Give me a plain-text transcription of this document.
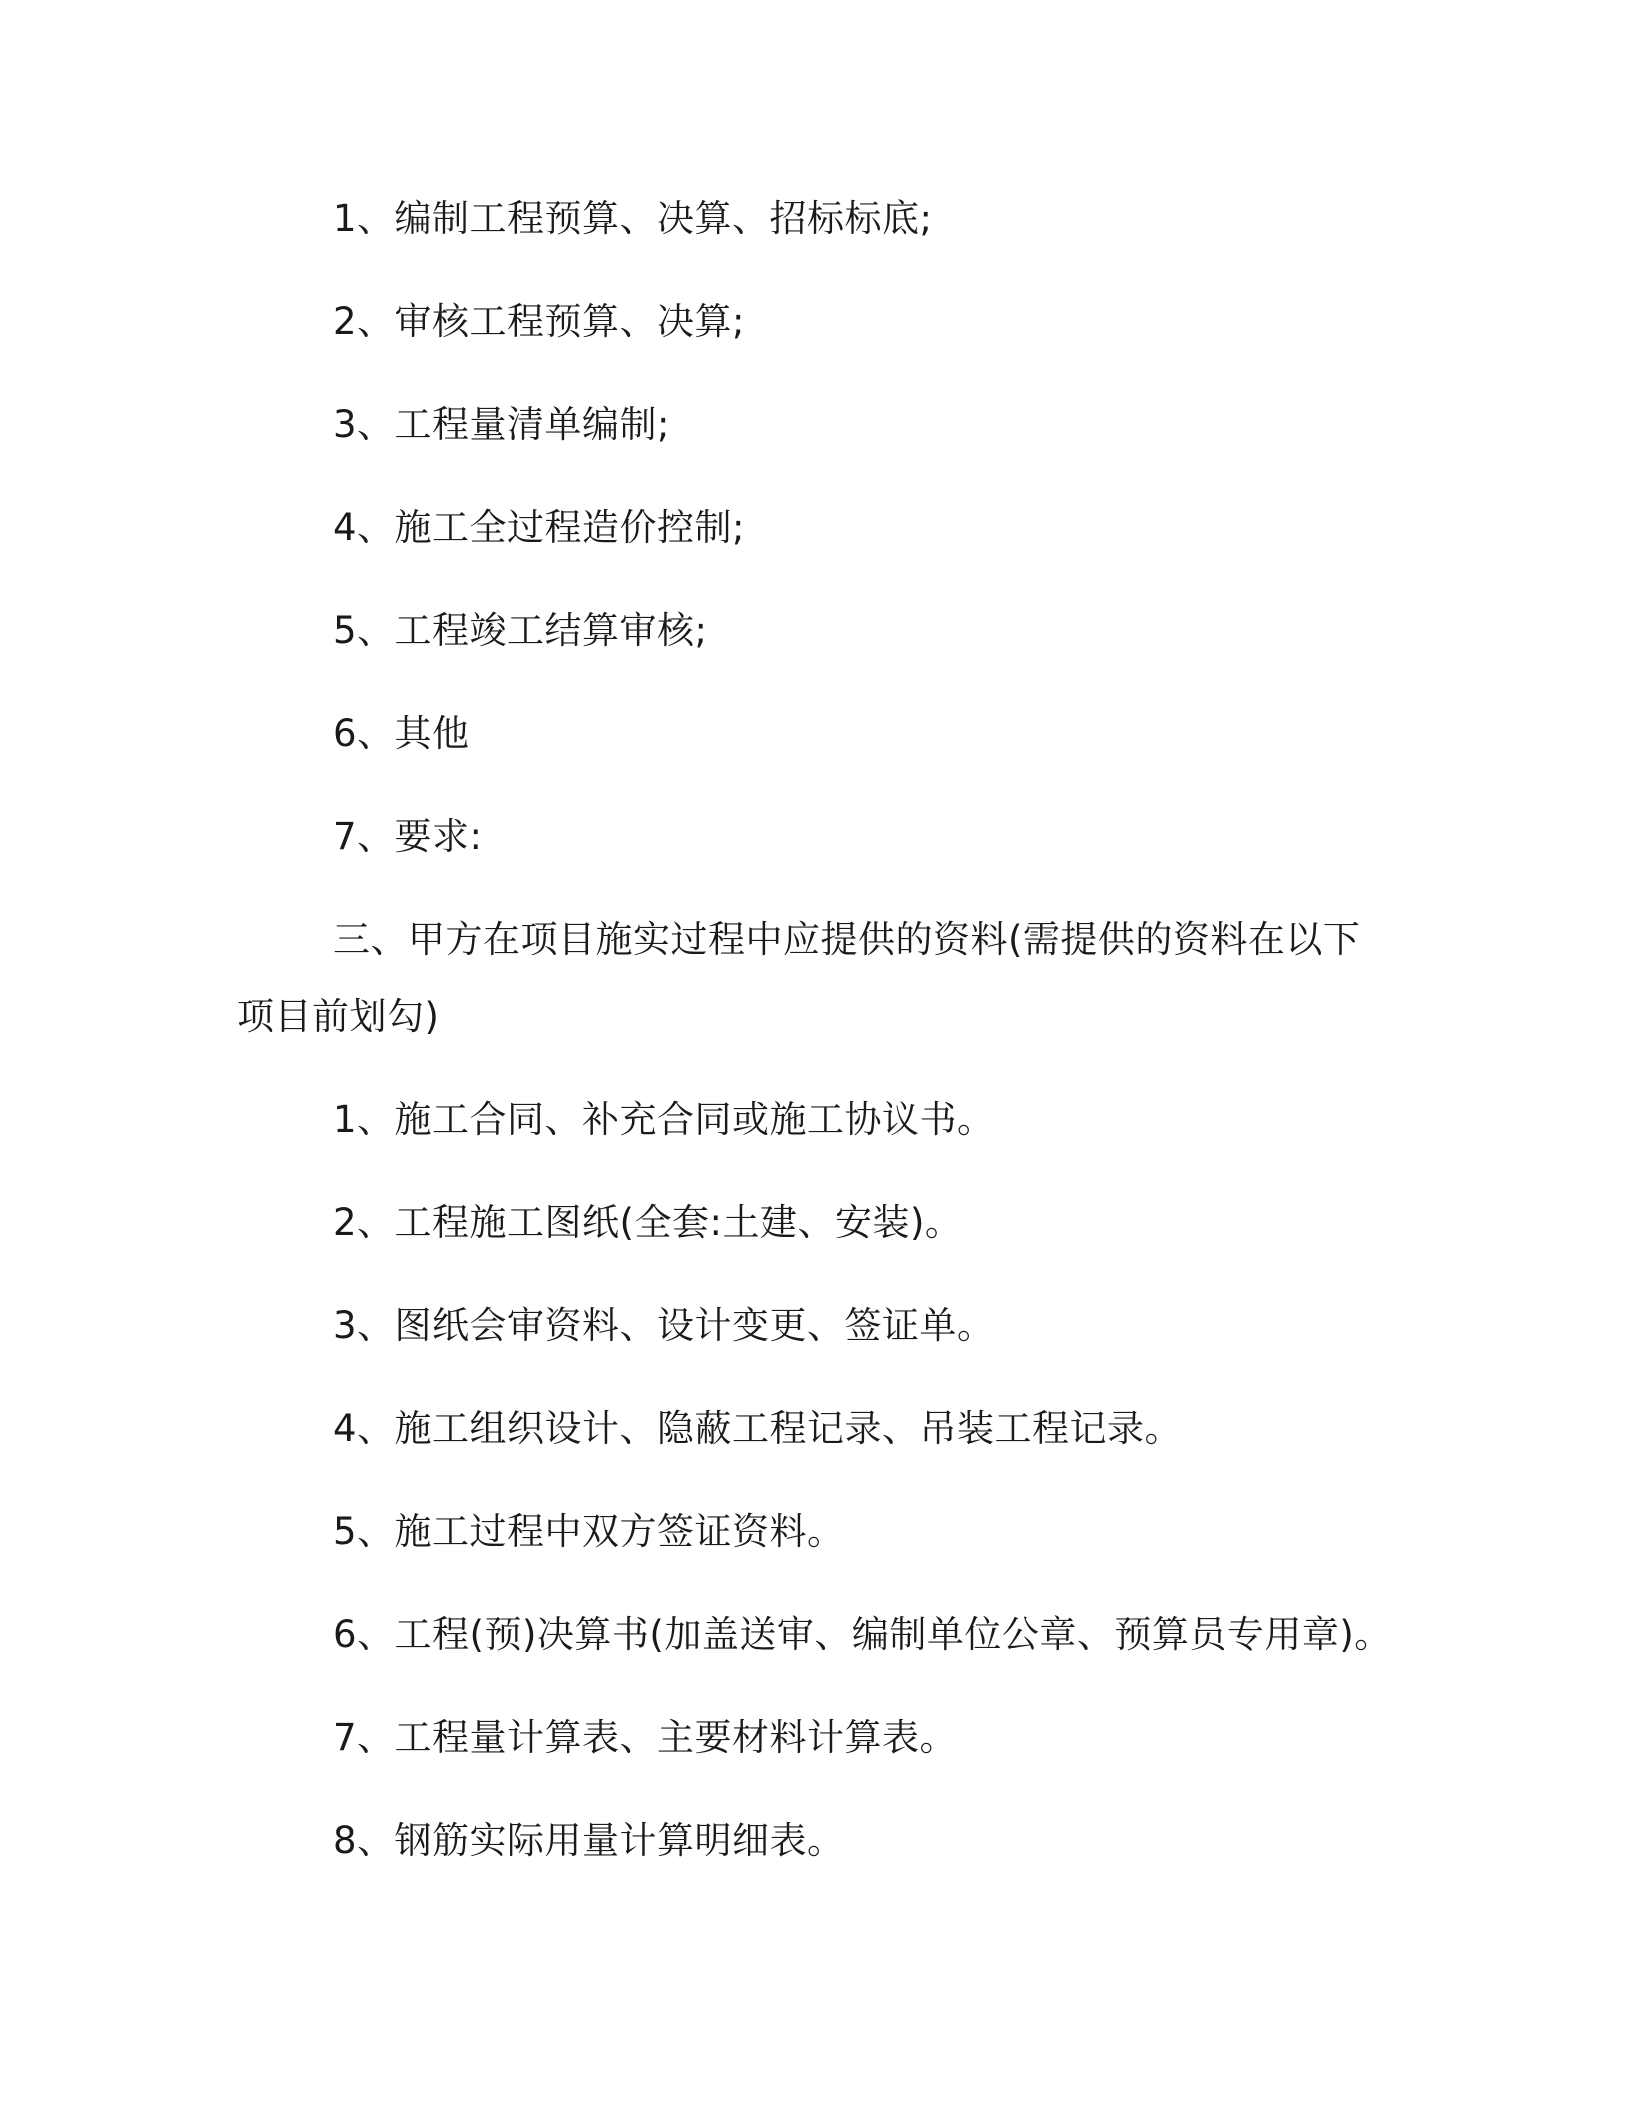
1、编制工程预算、决算、招标标底;

2、审核工程预算、决算;

3、工程量清单编制;

4、施工全过程造价控制;

5、工程竣工结算审核;

6、其他

7、要求:

三、甲方在项目施实过程中应提供的资料(需提供的资料在以下

项目前划勾)

1、施工合同、补充合同或施工协议书。

2、工程施工图纸(全套:土建、安装)。

3、图纸会审资料、设计变更、签证单。

4、施工组织设计、隐蔽工程记录、吊装工程记录。

5、施工过程中双方签证资料。

6、工程(预)决算书(加盖送审、编制单位公章、预算员专用章)。

7、工程量计算表、主要材料计算表。

8、钢筋实际用量计算明细表。
